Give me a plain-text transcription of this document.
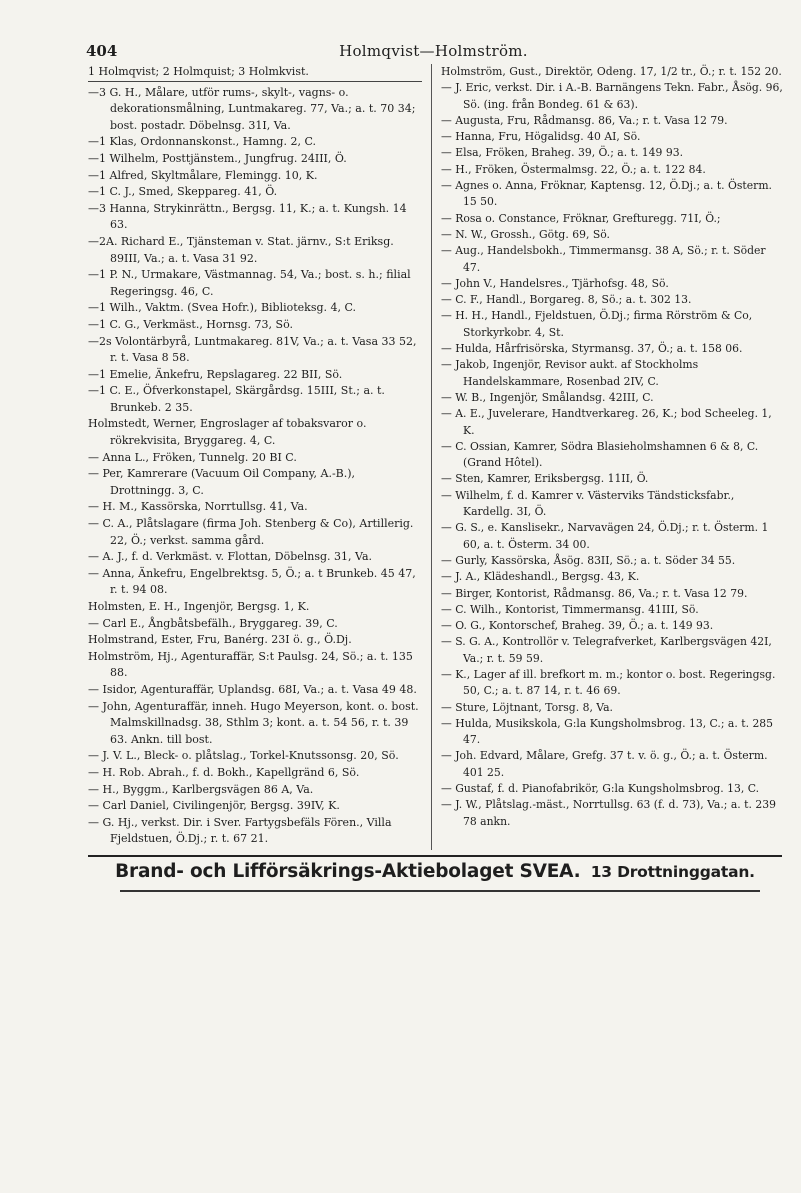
404	Holmqvist—Holmström.
1 Holmqvist; 2 Holmquist; 3 Holmkvist.
—3 G. H., Målare, utför rums-, skylt-, vagns- o. dekorationsmålning, Luntmakareg. 77, Va.; a. t. 70 34; bost. postadr. Döbelnsg. 31I, Va.
—1 Klas, Ordonnanskonst., Hamng. 2, C.
—1 Wilhelm, Posttjänstem., Jungfrug. 24III, Ö.
—1 Alfred, Skyltmålare, Flemingg. 10, K.
—1 C. J., Smed, Skeppareg. 41, Ö.
—3 Hanna, Strykinrättn., Bergsg. 11, K.; a. t. Kungsh. 14 63.
—2A. Richard E., Tjänsteman v. Stat. järnv., S:t Eriksg. 89III, Va.; a. t. Vasa 31 92.
—1 P. N., Urmakare, Västmannag. 54, Va.; bost. s. h.; filial Regeringsg. 46, C.
—1 Wilh., Vaktm. (Svea Hofr.), Biblioteksg. 4, C.
—1 C. G., Verkmäst., Hornsg. 73, Sö.
—2s Volontärbyrå, Luntmakareg. 81V, Va.; a. t. Vasa 33 52, r. t. Vasa 8 58.
—1 Emelie, Änkefru, Repslagareg. 22 BII, Sö.
—1 C. E., Öfverkonstapel, Skärgårdsg. 15III, St.; a. t. Brunkeb. 2 35.
Holmstedt, Werner, Engroslager af tobaksvaror o. rökrekvisita, Bryggareg. 4, C.
— Anna L., Fröken, Tunnelg. 20 BI C.
— Per, Kamrerare (Vacuum Oil Company, A.-B.), Drottningg. 3, C.
— H. M., Kassörska, Norrtullsg. 41, Va.
— C. A., Plåtslagare (firma Joh. Stenberg & Co), Artillerig. 22, Ö.; verkst. samma gård.
— A. J., f. d. Verkmäst. v. Flottan, Döbelnsg. 31, Va.
— Anna, Änkefru, Engelbrektsg. 5, Ö.; a. t Brunkeb. 45 47, r. t. 94 08.
Holmsten, E. H., Ingenjör, Bergsg. 1, K.
— Carl E., Ångbåtsbefälh., Bryggareg. 39, C.
Holmstrand, Ester, Fru, Banérg. 23I ö. g., Ö.Dj.
Holmström, Hj., Agenturaffär, S:t Paulsg. 24, Sö.; a. t. 135 88.
— Isidor, Agenturaffär, Uplandsg. 68I, Va.; a. t. Vasa 49 48.
— John, Agenturaffär, inneh. Hugo Meyerson, kont. o. bost. Malmskillnadsg. 38, Sthlm 3; kont. a. t. 54 56, r. t. 39 63. Ankn. till bost.
— J. V. L., Bleck- o. plåtslag., Torkel-Knutssonsg. 20, Sö.
— H. Rob. Abrah., f. d. Bokh., Kapellgränd 6, Sö.
— H., Byggm., Karlbergsvägen 86 A, Va.
— Carl Daniel, Civilingenjör, Bergsg. 39IV, K.
— G. Hj., verkst. Dir. i Sver. Fartygsbefäls Fören., Villa Fjeldstuen, Ö.Dj.; r. t. 67 21.
Holmström, Gust., Direktör, Odeng. 17, 1/2 tr., Ö.; r. t. 152 20.
— J. Eric, verkst. Dir. i A.-B. Barnängens Tekn. Fabr., Åsög. 96, Sö. (ing. från Bondeg. 61 & 63).
— Augusta, Fru, Rådmansg. 86, Va.; r. t. Vasa 12 79.
— Hanna, Fru, Högalidsg. 40 AI, Sö.
— Elsa, Fröken, Braheg. 39, Ö.; a. t. 149 93.
— H., Fröken, Östermalmsg. 22, Ö.; a. t. 122 84.
— Agnes o. Anna, Fröknar, Kaptensg. 12, Ö.Dj.; a. t. Österm. 15 50.
— Rosa o. Constance, Fröknar, Grefturegg. 71I, Ö.;
— N. W., Grossh., Götg. 69, Sö.
— Aug., Handelsbokh., Timmermansg. 38 A, Sö.; r. t. Söder 47.
— John V., Handelsres., Tjärhofsg. 48, Sö.
— C. F., Handl., Borgareg. 8, Sö.; a. t. 302 13.
— H. H., Handl., Fjeldstuen, Ö.Dj.; firma Rörström & Co, Storkyrkobr. 4, St.
— Hulda, Hårfrisörska, Styrmansg. 37, Ö.; a. t. 158 06.
— Jakob, Ingenjör, Revisor aukt. af Stockholms Handelskammare, Rosenbad 2IV, C.
— W. B., Ingenjör, Smålandsg. 42III, C.
— A. E., Juvelerare, Handtverkareg. 26, K.; bod Scheeleg. 1, K.
— C. Ossian, Kamrer, Södra Blasieholmshamnen 6 & 8, C. (Grand Hôtel).
— Sten, Kamrer, Eriksbergsg. 11II, Ö.
— Wilhelm, f. d. Kamrer v. Västerviks Tändsticksfabr., Kardellg. 3I, Ö.
— G. S., e. Kanslisekr., Narvavägen 24, Ö.Dj.; r. t. Österm. 1 60, a. t. Österm. 34 00.
— Gurly, Kassörska, Åsög. 83II, Sö.; a. t. Söder 34 55.
— J. A., Klädeshandl., Bergsg. 43, K.
— Birger, Kontorist, Rådmansg. 86, Va.; r. t. Vasa 12 79.
— C. Wilh., Kontorist, Timmermansg. 41III, Sö.
— O. G., Kontorschef, Braheg. 39, Ö.; a. t. 149 93.
— S. G. A., Kontrollör v. Telegrafverket, Karlbergsvägen 42I, Va.; r. t. 59 59.
— K., Lager af ill. brefkort m. m.; kontor o. bost. Regeringsg. 50, C.; a. t. 87 14, r. t. 46 69.
— Sture, Löjtnant, Torsg. 8, Va.
— Hulda, Musikskola, G:la Kungsholmsbrog. 13, C.; a. t. 285 47.
— Joh. Edvard, Målare, Grefg. 37 t. v. ö. g., Ö.; a. t. Österm. 401 25.
— Gustaf, f. d. Pianofabrikör, G:la Kungsholmsbrog. 13, C.
— J. W., Plåtslag.-mäst., Norrtullsg. 63 (f. d. 73), Va.; a. t. 239 78 ankn.
Brand- och Lifförsäkrings-Aktiebolaget SVEA. 13 Drottninggatan.
